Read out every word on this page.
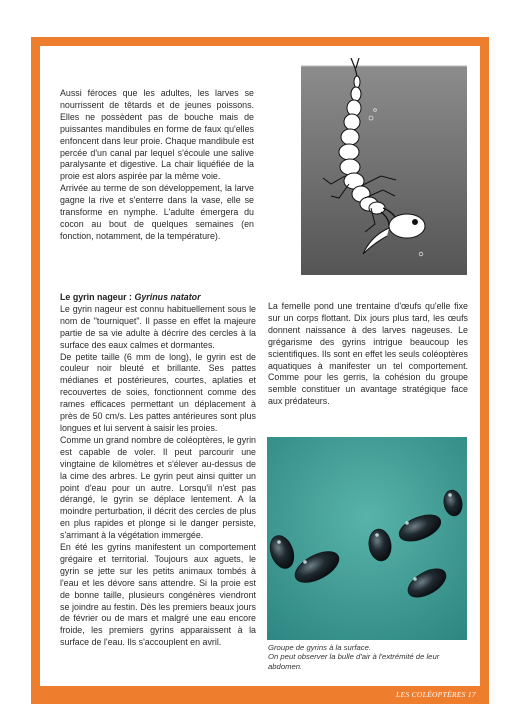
LES COLÉOPTÈRES 17

Aussi féroces que les adultes, les larves se nourrissent de têtards et de jeunes poissons. Elles ne possèdent pas de bouche mais de puissantes mandibules en forme de faux qu'elles enfoncent dans leur proie. Chaque mandibule est percée d'un canal par lequel s'écoule une salive paralysante et digestive. La chair liquéfiée de la proie est alors aspirée par la même voie.

Arrivée au terme de son développement, la larve gagne la rive et s'enterre dans la vase, elle se transforme en nymphe. L'adulte émergera du cocon au bout de quelques semaines (en fonction, notamment, de la température).

Le gyrin nageur : Gyrinus natator

Le gyrin nageur est connu habituellement sous le nom de "tourniquet". Il passe en effet la majeure partie de sa vie adulte à décrire des cercles à la surface des eaux calmes et dormantes.

De petite taille (6 mm de long), le gyrin est de couleur noir bleuté et brillante. Ses pattes médianes et postérieures, courtes, aplaties et recouvertes de soies, fonctionnent comme des rames efficaces permettant un déplacement à près de 50 cm/s. Les pattes antérieures sont plus longues et lui servent à saisir les proies.

Comme un grand nombre de coléoptères, le gyrin est capable de voler. Il peut parcourir une vingtaine de kilomètres et s'élever au-dessus de la cime des arbres. Le gyrin peut ainsi quitter un point d'eau pour un autre. Lorsqu'il n'est pas dérangé, le gyrin se déplace lentement. A la moindre perturbation, il décrit des cercles de plus en plus rapides et plonge si le danger persiste, s'arrimant à la végétation immergée.

En été les gyrins manifestent un comportement grégaire et territorial. Toujours aux aguets, le gyrin se jette sur les petits animaux tombés à l'eau et les dévore sans attendre. Si la proie est de bonne taille, plusieurs congénères viendront se joindre au festin. Dès les premiers beaux jours de février ou de mars et malgré une eau encore froide, les premiers gyrins apparaissent à la surface de l'eau. Ils s'accouplent en avril.

La femelle pond une trentaine d'œufs qu'elle fixe sur un corps flottant. Dix jours plus tard, les œufs donnent naissance à des larves nageuses. Le grégarisme des gyrins intrigue beaucoup les scientifiques. Ils sont en effet les seuls coléoptères aquatiques à manifester un tel comportement. Comme pour les gerris, la cohésion du groupe semble constituer un avantage stratégique face aux prédateurs.

Groupe de gyrins à la surface.
On peut observer la bulle d'air à l'extrémité de leur abdomen.
